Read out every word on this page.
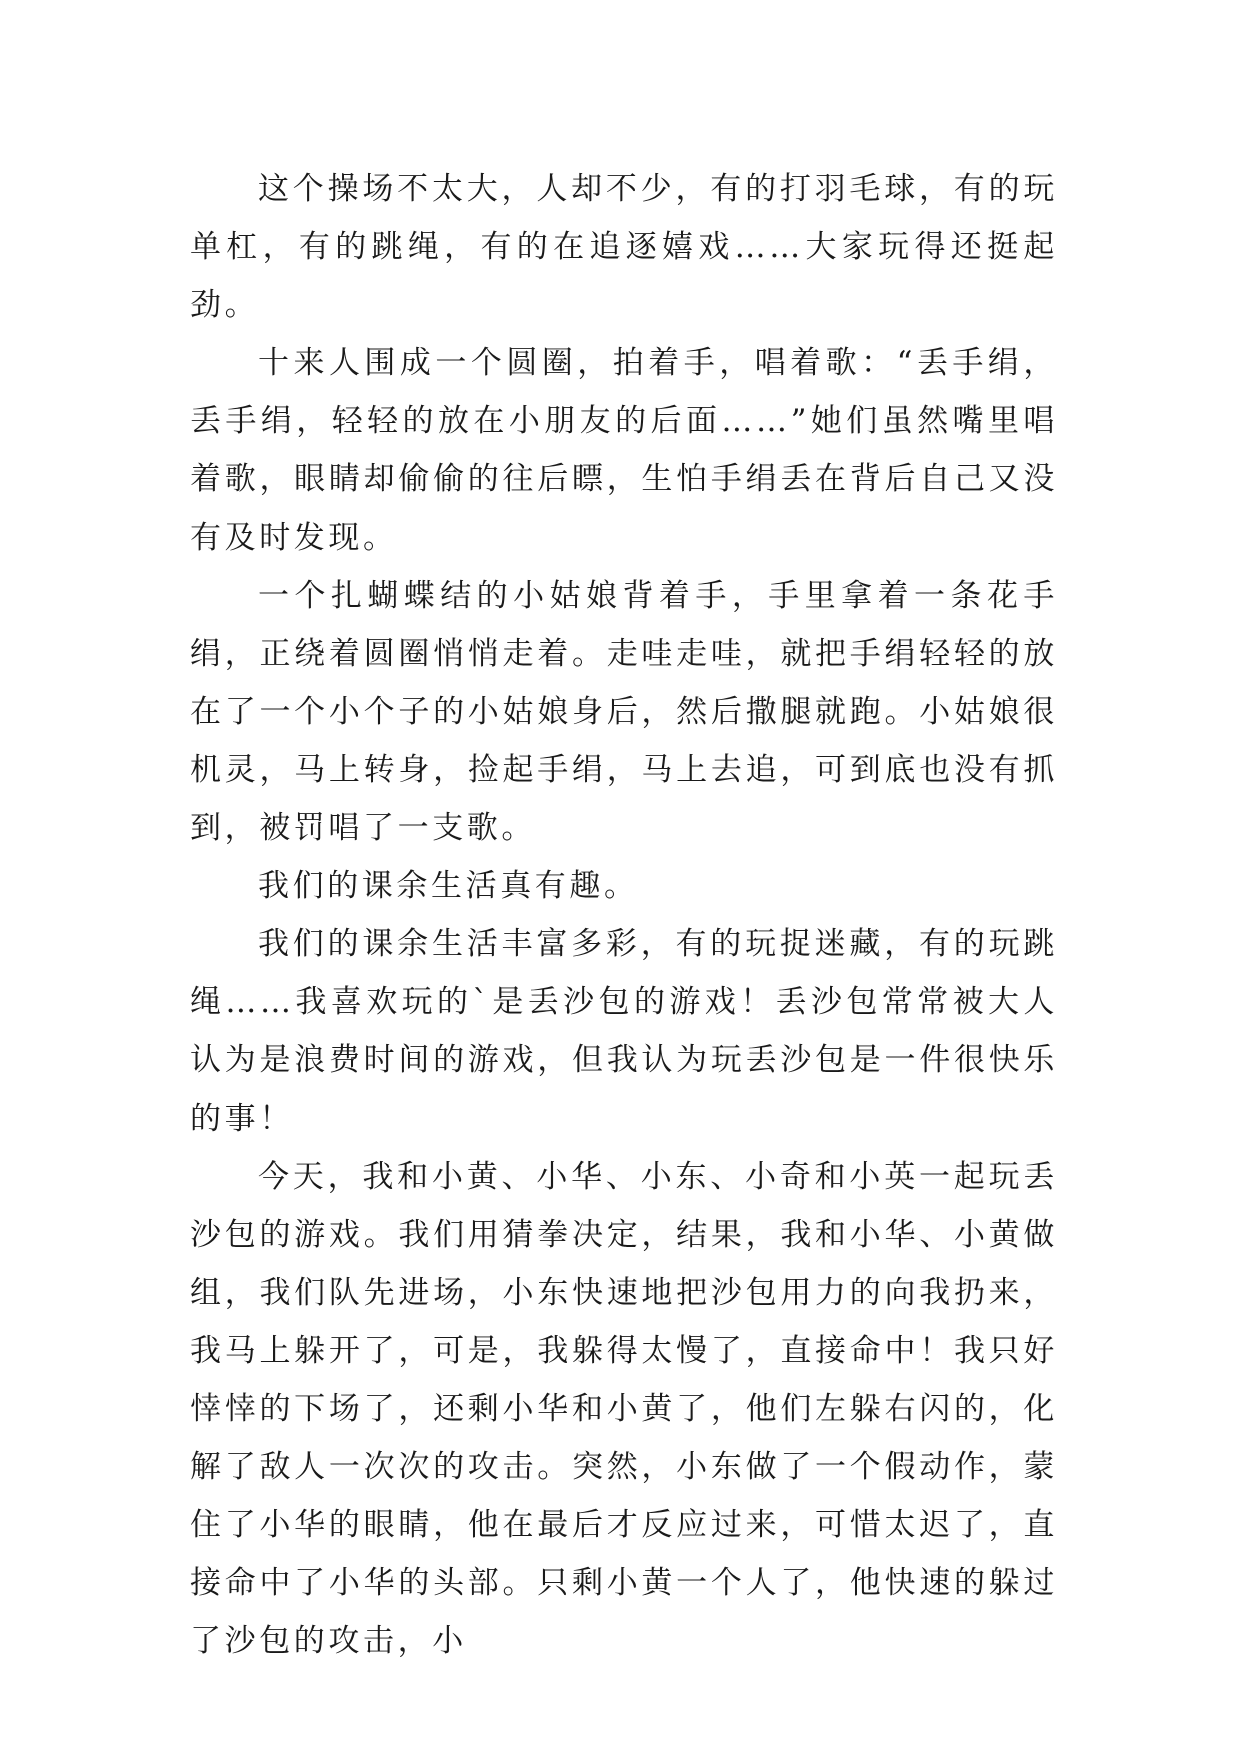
这个操场不太大，人却不少，有的打羽毛球，有的玩单杠，有的跳绳，有的在追逐嬉戏……大家玩得还挺起劲。

十来人围成一个圆圈，拍着手，唱着歌：“丢手绢，丢手绢，轻轻的放在小朋友的后面……”她们虽然嘴里唱着歌，眼睛却偷偷的往后瞟，生怕手绢丢在背后自己又没有及时发现。

一个扎蝴蝶结的小姑娘背着手，手里拿着一条花手绢，正绕着圆圈悄悄走着。走哇走哇，就把手绢轻轻的放在了一个小个子的小姑娘身后，然后撒腿就跑。小姑娘很机灵，马上转身，捡起手绢，马上去追，可到底也没有抓到，被罚唱了一支歌。

我们的课余生活真有趣。

我们的课余生活丰富多彩，有的玩捉迷藏，有的玩跳绳……我喜欢玩的`是丢沙包的游戏！丢沙包常常被大人认为是浪费时间的游戏，但我认为玩丢沙包是一件很快乐的事！

今天，我和小黄、小华、小东、小奇和小英一起玩丢沙包的游戏。我们用猜拳决定，结果，我和小华、小黄做组，我们队先进场，小东快速地把沙包用力的向我扔来，我马上躲开了，可是，我躲得太慢了，直接命中！我只好悻悻的下场了，还剩小华和小黄了，他们左躲右闪的，化解了敌人一次次的攻击。突然，小东做了一个假动作，蒙住了小华的眼睛，他在最后才反应过来，可惜太迟了，直接命中了小华的头部。只剩小黄一个人了，他快速的躲过了沙包的攻击，小
